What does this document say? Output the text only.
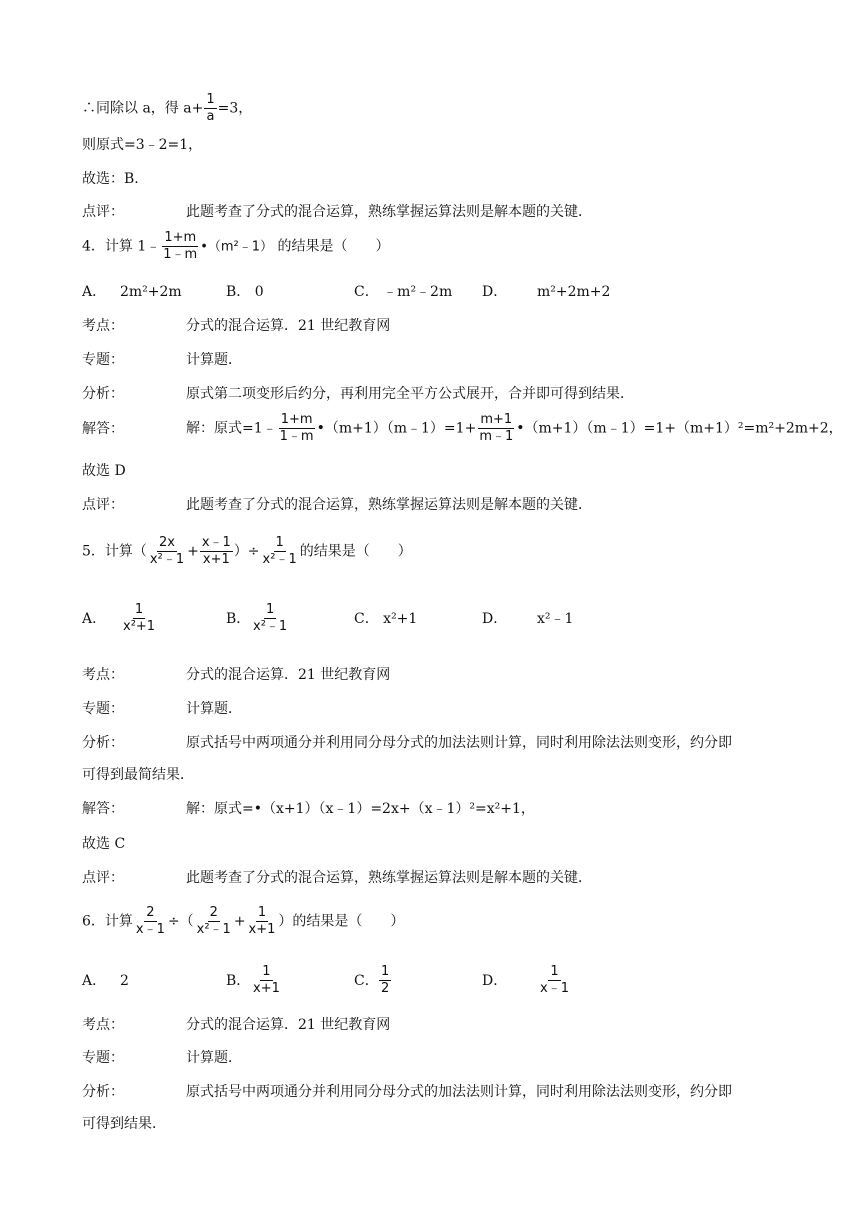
∴同除以 a，得 $a+ \frac{1}{a} =3$，
则原式=3﹣2=1，
故选：B.
点评：	此题考查了分式的混合运算，熟练掌握运算法则是解本题的关键．
4．计算 1﹣ $\frac{1+m}{1﹣m}$ •（m²﹣1） 的结果是（　　）
A． 2m²+2m	B． 0	C． ﹣m²﹣2m D． m²+2m+2
考点：	分式的混合运算．21 世纪教育网
专题：	计算题．
分析：	原式第二项变形后约分，再利用完全平方公式展开，合并即可得到结果．
解答：	解：原式=1﹣ $\frac{1+m}{1﹣m}$ •（m+1）（m﹣1）=1+ $\frac{m+1}{m﹣1}$ •（m+1）（m﹣1）=1+（m+1）²=m²+2m+2，
故选 D
点评：	此题考查了分式的混合运算，熟练掌握运算法则是解本题的关键．
5．计算（ $\frac{2x}{\text{x²﹣1}} + \frac{x﹣1}{x+1}$ ）÷ $\frac{1}{\text{x²﹣1}}$ 的结果是（　　）
A． $\frac{1}{\text{x²+1}}$	B． $\frac{1}{\text{x²﹣1}}$	C． x²+1	D． x²﹣1
考点：	分式的混合运算．21 世纪教育网
专题：	计算题．
分析：	原式括号中两项通分并利用同分母分式的加法法则计算，同时利用除法法则变形，约分即
可得到最简结果．
解答：	解：原式=•（x+1）（x﹣1）=2x+（x﹣1）²=x²+1，
故选 C
点评：	此题考查了分式的混合运算，熟练掌握运算法则是解本题的关键．
6．计算 $\frac{2}{x﹣1}$ ÷（ $\frac{2}{\text{x²﹣1}} + \frac{1}{x+1}$ ）的结果是（　　）
A． 2	B． $\frac{1}{x+1}$	C． $\frac{1}{2}$	D． $\frac{1}{x﹣1}$
考点：	分式的混合运算．21 世纪教育网
专题：	计算题．
分析：	原式括号中两项通分并利用同分母分式的加法法则计算，同时利用除法法则变形，约分即
可得到结果．
